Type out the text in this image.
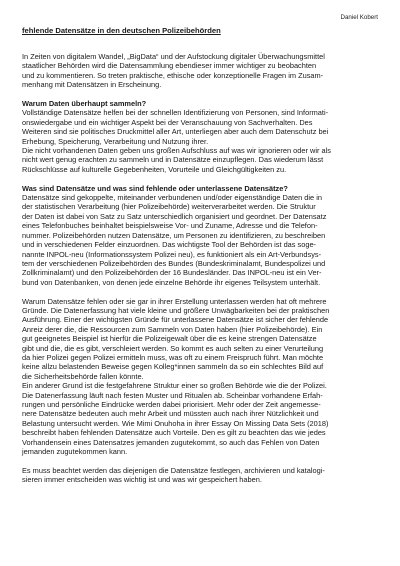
Daniel Kobert
fehlende Datensätze in den deutschen Polizeibehörden
In Zeiten von digitalem Wandel, „BigData“ und der Aufstockung digitaler Überwachungsmittel
staatlicher Behörden wird die Datensammlung ebendieser immer wichtiger zu beobachten
und zu kommentieren. So treten praktische, ethische oder konzeptionelle Fragen im Zusam-
menhang mit Datensätzen in Erscheinung.
Warum Daten überhaupt sammeln?
Vollständige Datensätze helfen bei der schnellen Identifizierung von Personen, sind Informati-
onswiedergabe und ein wichtiger Aspekt bei der Veranschauung von Sachverhalten. Des
Weiteren sind sie politisches Druckmittel aller Art, unterliegen aber auch dem Datenschutz bei
Erhebung, Speicherung, Verarbeitung und Nutzung ihrer.
Die nicht vorhandenen Daten geben uns großen Aufschluss auf was wir ignorieren oder wir als
nicht wert genug erachten zu sammeln und in Datensätze einzupflegen. Das wiederum lässt
Rückschlüsse auf kulturelle Gegebenheiten, Vorurteile und Gleichgültigkeiten zu.
Was sind Datensätze und was sind fehlende oder unterlassene Datensätze?
Datensätze sind gekoppelte, miteinander verbundenen und/oder eigenständige Daten die in
der statistischen Verarbeitung (hier Polizeibehörde) weiterverarbeitet werden. Die Struktur
der Daten ist dabei von Satz zu Satz unterschiedlich organisiert und geordnet. Der Datensatz
eines Telefonbuches beinhaltet beispielsweise Vor- und Zuname, Adresse und die Telefon-
nummer. Polizeibehörden nutzen Datensätze, um Personen zu identifizieren, zu beschreiben
und in verschiedenen Felder einzuordnen. Das wichtigste Tool der Behörden ist das soge-
nannte INPOL-neu (Informationssystem Polizei neu), es funktioniert als ein Art-Verbundsys-
tem der verschiedenen Polizeibehörden des Bundes (Bundeskriminalamt, Bundespolizei und
Zollkriminalamt) und den Polizeibehörden der 16 Bundesländer. Das INPOL-neu ist ein Ver-
bund von Datenbanken, von denen jede einzelne Behörde ihr eigenes Teilsystem unterhält.
Warum Datensätze fehlen oder sie gar in ihrer Erstellung unterlassen werden hat oft mehrere
Gründe. Die Datenerfassung hat viele kleine und größere Unwägbarkeiten bei der praktischen
Ausführung. Einer der wichtigsten Gründe für unterlassene Datensätze ist sicher der fehlende
Anreiz derer die, die Ressourcen zum Sammeln von Daten haben (hier Polizeibehörde). Ein
gut geeignetes Beispiel ist hierfür die Polizeigewalt über die es keine strengen Datensätze
gibt und die, die es gibt, verschleiert werden. So kommt es auch selten zu einer Verurteilung
da hier Polizei gegen Polizei ermitteln muss, was oft zu einem Freispruch führt. Man möchte
keine allzu belastenden Beweise gegen Kolleg*innen sammeln da so ein schlechtes Bild auf
die Sicherheitsbehörde fallen könnte.
Ein anderer Grund ist die festgefahrene Struktur einer so großen Behörde wie die der Polizei.
Die Datenerfassung läuft nach festen Muster und Ritualen ab. Scheinbar vorhandene Erfah-
rungen und persönliche Eindrücke werden dabei priorisiert. Mehr oder der Zeit angemesse-
nere Datensätze bedeuten auch mehr Arbeit und müssten auch nach ihrer Nützlichkeit und
Belastung untersucht werden. Wie Mimi Onuhoha in ihrer Essay On Missing Data Sets (2018)
beschreibt haben fehlenden Datensätze auch Vorteile. Den es gilt zu beachten das wie jedes
Vorhandensein eines Datensatzes jemanden zugutekommt, so auch das Fehlen von Daten
jemanden zugutekommen kann.
Es muss beachtet werden das diejenigen die Datensätze festlegen, archivieren und katalogi-
sieren immer entscheiden was wichtig ist und was wir gespeichert haben.
